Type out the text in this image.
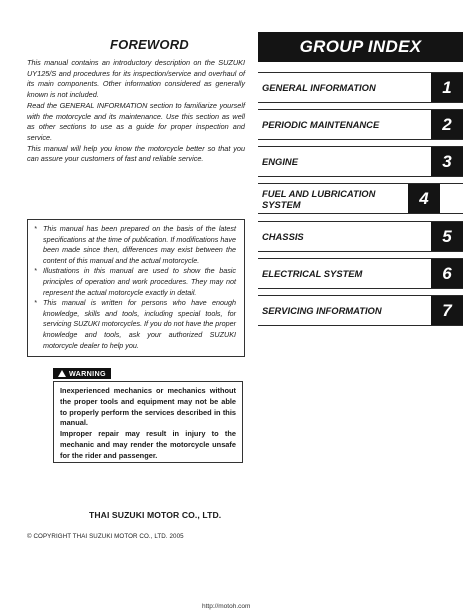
FOREWORD

This manual contains an introductory description on the SUZUKI UY125/S and procedures for its inspection/service and overhaul of its main components. Other information considered as generally known is not included.

Read the GENERAL INFORMATION section to familiarize yourself with the motorcycle and its maintenance. Use this section as well as other sections to use as a guide for proper inspection and service.

This manual will help you know the motorcycle better so that you can assure your customers of fast and reliable service.

* This manual has been prepared on the basis of the latest specifications at the time of publication. If modifications have been made since then, differences may exist between the content of this manual and the actual motorcycle.
* Illustrations in this manual are used to show the basic principles of operation and work procedures. They may not represent the actual motorcycle exactly in detail.
* This manual is written for persons who have enough knowledge, skills and tools, including special tools, for servicing SUZUKI motorcycles. If you do not have the proper knowledge and tools, ask your authorized SUZUKI motorcycle dealer to help you.
WARNING

Inexperienced mechanics or mechanics without the proper tools and equipment may not be able to properly perform the services described in this manual.

Improper repair may result in injury to the mechanic and may render the motorcycle unsafe for the rider and passenger.

THAI SUZUKI MOTOR CO., LTD.
© COPYRIGHT THAI SUZUKI MOTOR CO., LTD. 2005
GROUP INDEX
GENERAL INFORMATION	1
PERIODIC MAINTENANCE	2
ENGINE	3
FUEL AND LUBRICATION SYSTEM	4
CHASSIS	5
ELECTRICAL SYSTEM	6
SERVICING INFORMATION	7
http://motoh.com
